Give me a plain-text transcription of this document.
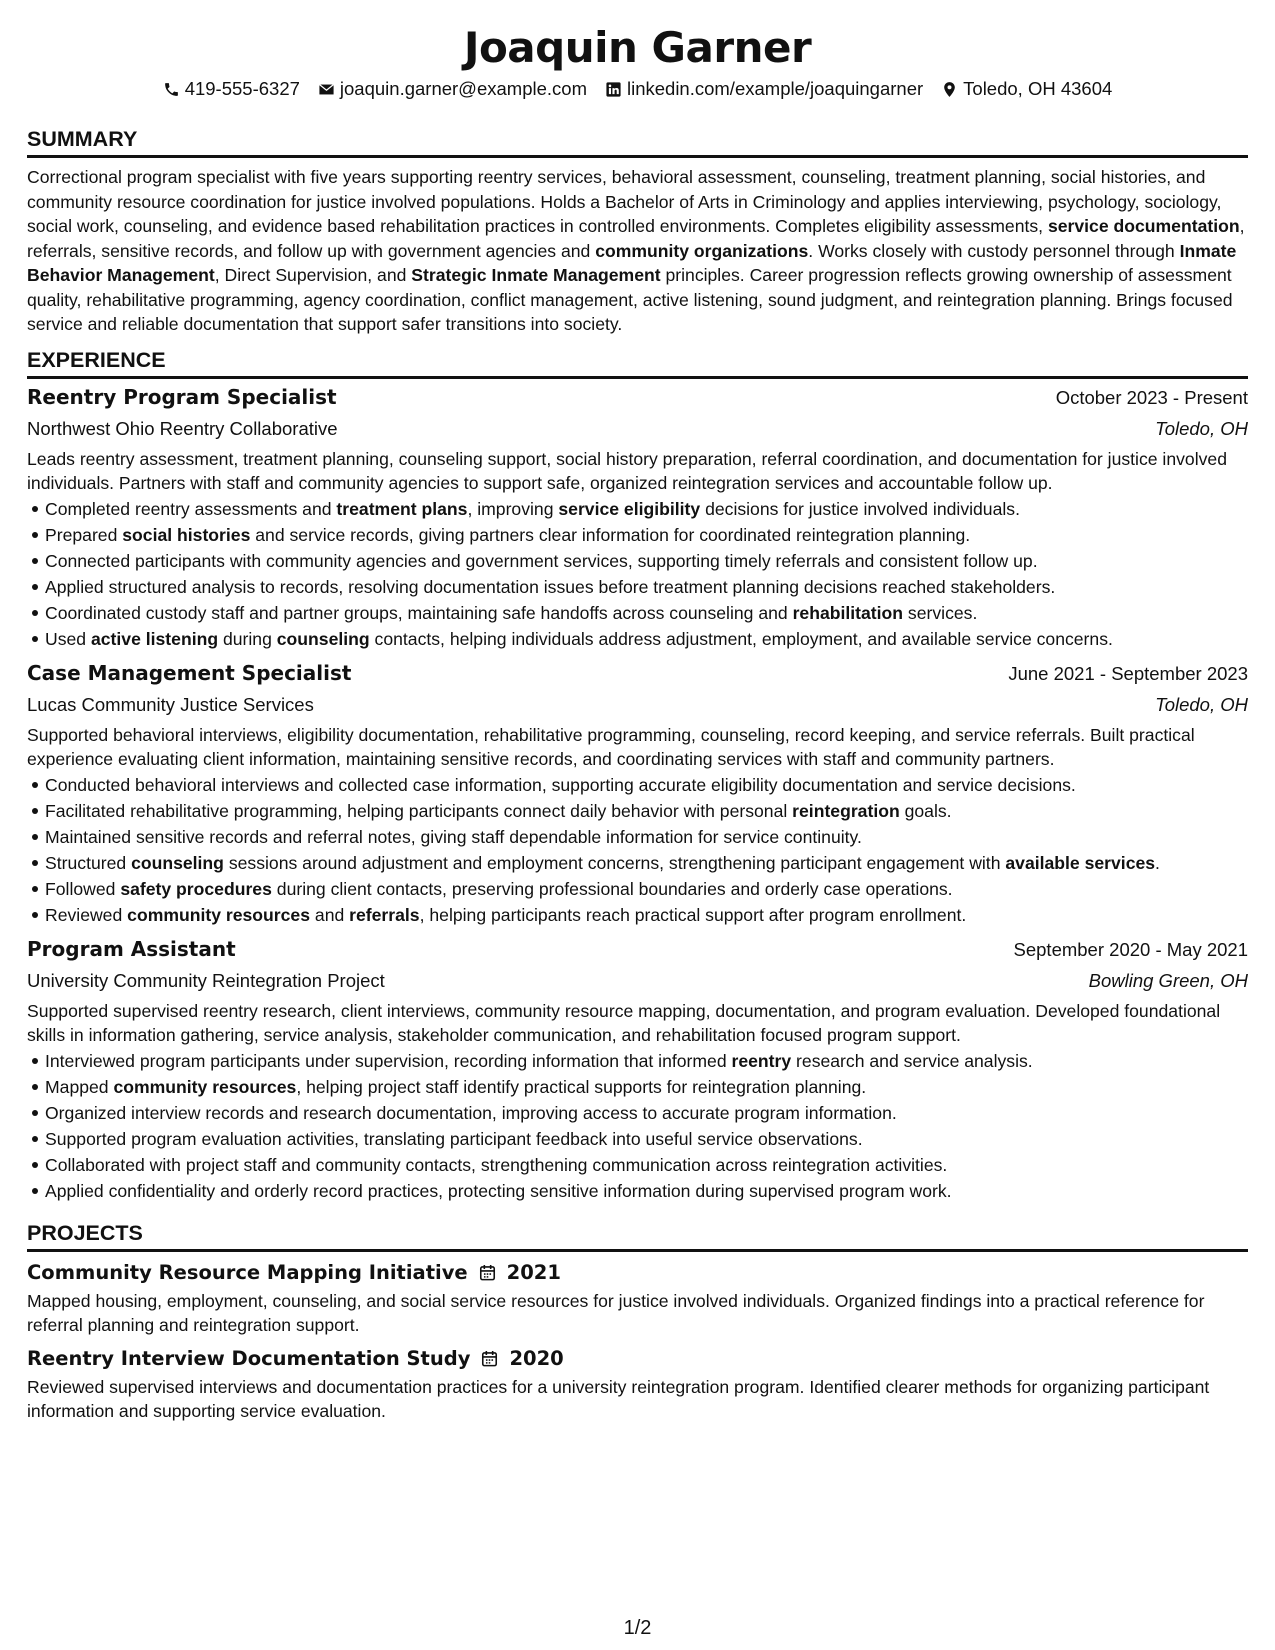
Joaquin Garner
419-555-6327 joaquin.garner@example.com linkedin.com/example/joaquingarner Toledo, OH 43604
SUMMARY
Correctional program specialist with five years supporting reentry services, behavioral assessment, counseling, treatment planning, social histories, and community resource coordination for justice involved populations. Holds a Bachelor of Arts in Criminology and applies interviewing, psychology, sociology, social work, counseling, and evidence based rehabilitation practices in controlled environments. Completes eligibility assessments, service documentation, referrals, sensitive records, and follow up with government agencies and community organizations. Works closely with custody personnel through Inmate Behavior Management, Direct Supervision, and Strategic Inmate Management principles. Career progression reflects growing ownership of assessment quality, rehabilitative programming, agency coordination, conflict management, active listening, sound judgment, and reintegration planning. Brings focused service and reliable documentation that support safer transitions into society.
EXPERIENCE
Reentry Program Specialist	October 2023 - Present
Northwest Ohio Reentry Collaborative	Toledo, OH
Leads reentry assessment, treatment planning, counseling support, social history preparation, referral coordination, and documentation for justice involved individuals. Partners with staff and community agencies to support safe, organized reintegration services and accountable follow up.
Completed reentry assessments and treatment plans, improving service eligibility decisions for justice involved individuals.
Prepared social histories and service records, giving partners clear information for coordinated reintegration planning.
Connected participants with community agencies and government services, supporting timely referrals and consistent follow up.
Applied structured analysis to records, resolving documentation issues before treatment planning decisions reached stakeholders.
Coordinated custody staff and partner groups, maintaining safe handoffs across counseling and rehabilitation services.
Used active listening during counseling contacts, helping individuals address adjustment, employment, and available service concerns.
Case Management Specialist	June 2021 - September 2023
Lucas Community Justice Services	Toledo, OH
Supported behavioral interviews, eligibility documentation, rehabilitative programming, counseling, record keeping, and service referrals. Built practical experience evaluating client information, maintaining sensitive records, and coordinating services with staff and community partners.
Conducted behavioral interviews and collected case information, supporting accurate eligibility documentation and service decisions.
Facilitated rehabilitative programming, helping participants connect daily behavior with personal reintegration goals.
Maintained sensitive records and referral notes, giving staff dependable information for service continuity.
Structured counseling sessions around adjustment and employment concerns, strengthening participant engagement with available services.
Followed safety procedures during client contacts, preserving professional boundaries and orderly case operations.
Reviewed community resources and referrals, helping participants reach practical support after program enrollment.
Program Assistant	September 2020 - May 2021
University Community Reintegration Project	Bowling Green, OH
Supported supervised reentry research, client interviews, community resource mapping, documentation, and program evaluation. Developed foundational skills in information gathering, service analysis, stakeholder communication, and rehabilitation focused program support.
Interviewed program participants under supervision, recording information that informed reentry research and service analysis.
Mapped community resources, helping project staff identify practical supports for reintegration planning.
Organized interview records and research documentation, improving access to accurate program information.
Supported program evaluation activities, translating participant feedback into useful service observations.
Collaborated with project staff and community contacts, strengthening communication across reintegration activities.
Applied confidentiality and orderly record practices, protecting sensitive information during supervised program work.
PROJECTS
Community Resource Mapping Initiative 2021
Mapped housing, employment, counseling, and social service resources for justice involved individuals. Organized findings into a practical reference for referral planning and reintegration support.
Reentry Interview Documentation Study 2020
Reviewed supervised interviews and documentation practices for a university reintegration program. Identified clearer methods for organizing participant information and supporting service evaluation.
1/2
